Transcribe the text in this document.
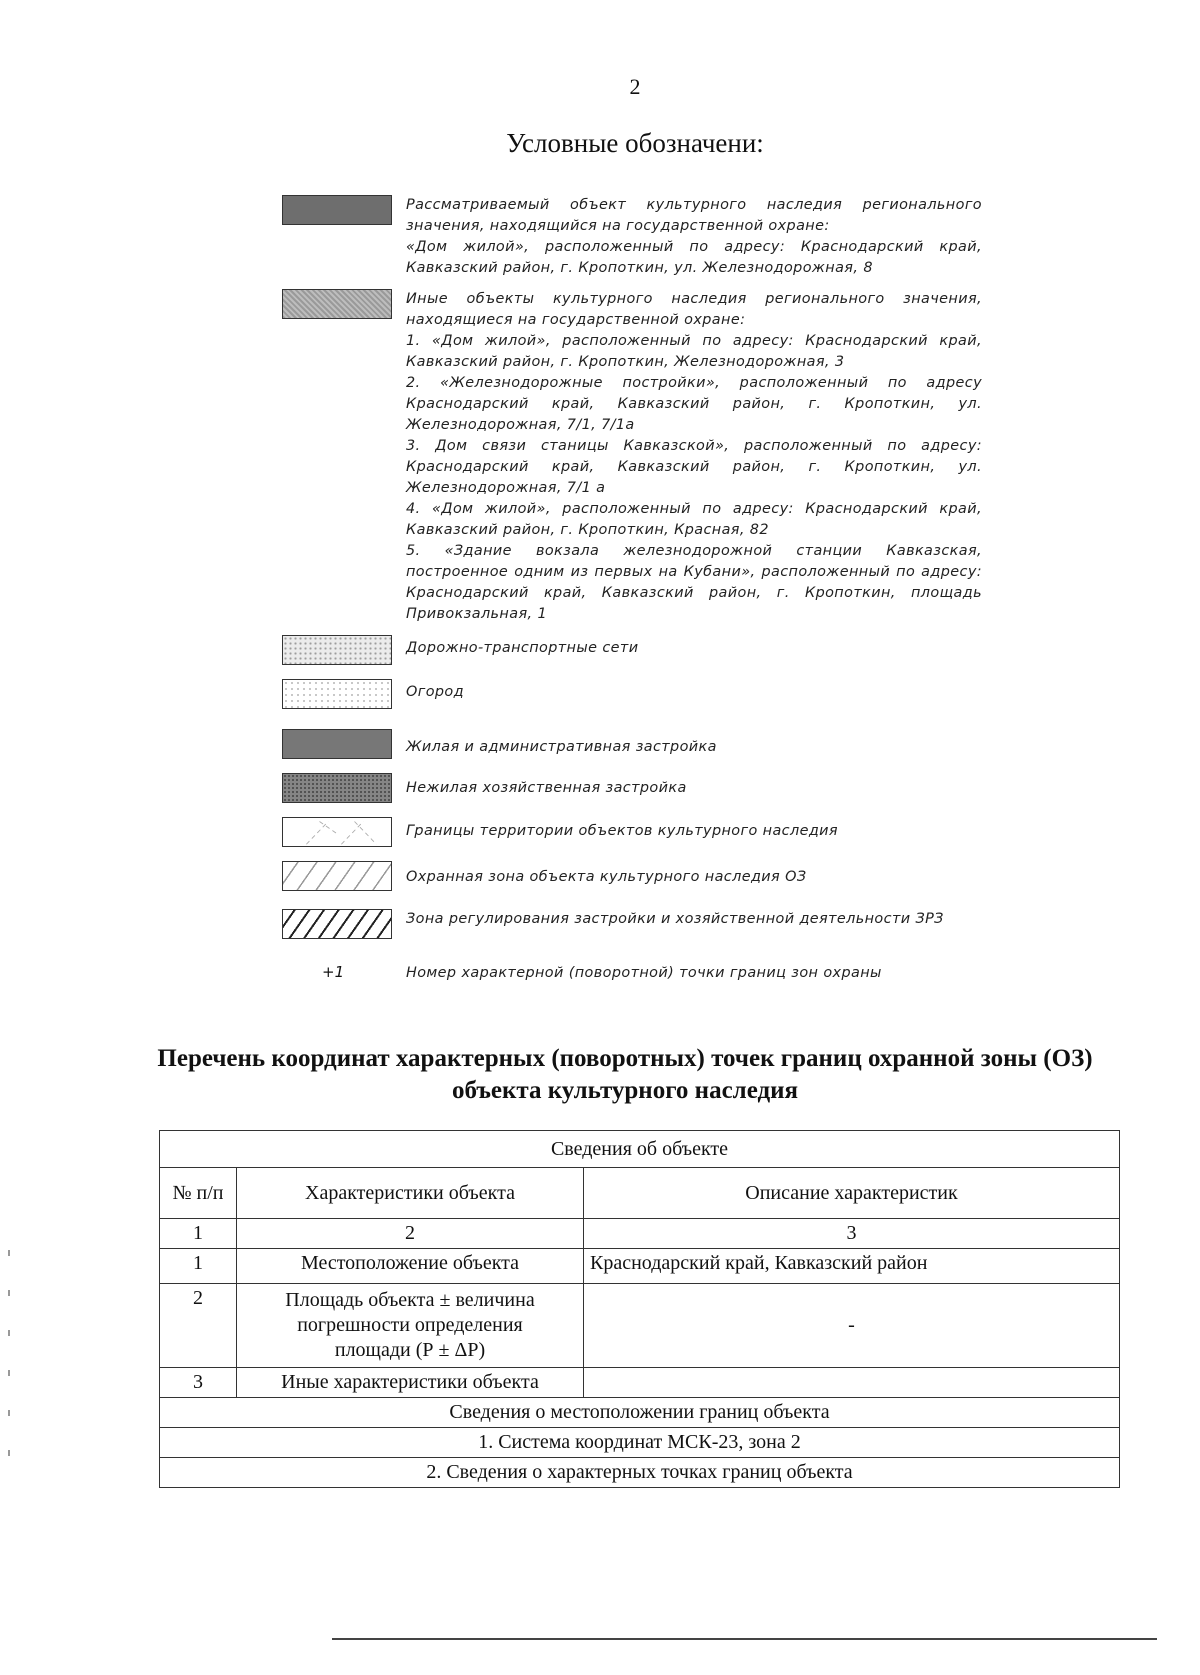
2
Условные обозначени:

Рассматриваемый объект культурного наследия регионального значения, находящийся на государственной охране:

«Дом жилой», расположенный по адресу: Краснодарский край, Кавказский район, г. Кропоткин, ул. Железнодорожная, 8

Иные объекты культурного наследия регионального значения, находящиеся на государственной охране:

1. «Дом жилой», расположенный по адресу: Краснодарский край, Кавказский район, г. Кропоткин, Железнодорожная, 3

2. «Железнодорожные постройки», расположенный по адресу Краснодарский край, Кавказский район, г. Кропоткин, ул. Железнодорожная, 7/1, 7/1а

3. Дом связи станицы Кавказской», расположенный по адресу: Краснодарский край, Кавказский район, г. Кропоткин, ул. Железнодорожная, 7/1 а

4. «Дом жилой», расположенный по адресу: Краснодарский край, Кавказский район, г. Кропоткин, Красная, 82

5. «Здание вокзала железнодорожной станции Кавказская, построенное одним из первых на Кубани», расположенный по адресу: Краснодарский край, Кавказский район, г. Кропоткин, площадь Привокзальная, 1

Дорожно-транспортные сети

Огород

Жилая и административная застройка

Нежилая хозяйственная застройка

Границы территории объектов культурного наследия

Охранная зона объекта культурного наследия ОЗ

Зона регулирования застройки и хозяйственной деятельности ЗРЗ

+1	Номер характерной (поворотной) точки границ зон охраны

Перечень координат характерных (поворотных) точек границ охранной зоны (ОЗ) объекта культурного наследия
Сведения об объекте		
№ п/п	Характеристики объекта	Описание характеристик
1	2	3
1	Местоположение объекта	Краснодарский край, Кавказский район
2	Площадь объекта ± величина погрешности определения площади (Р ± ΔР)	-
3	Иные характеристики объекта	
Сведения о местоположении границ объекта		
1. Система координат МСК-23, зона 2		
2. Сведения о характерных точках границ объекта		
